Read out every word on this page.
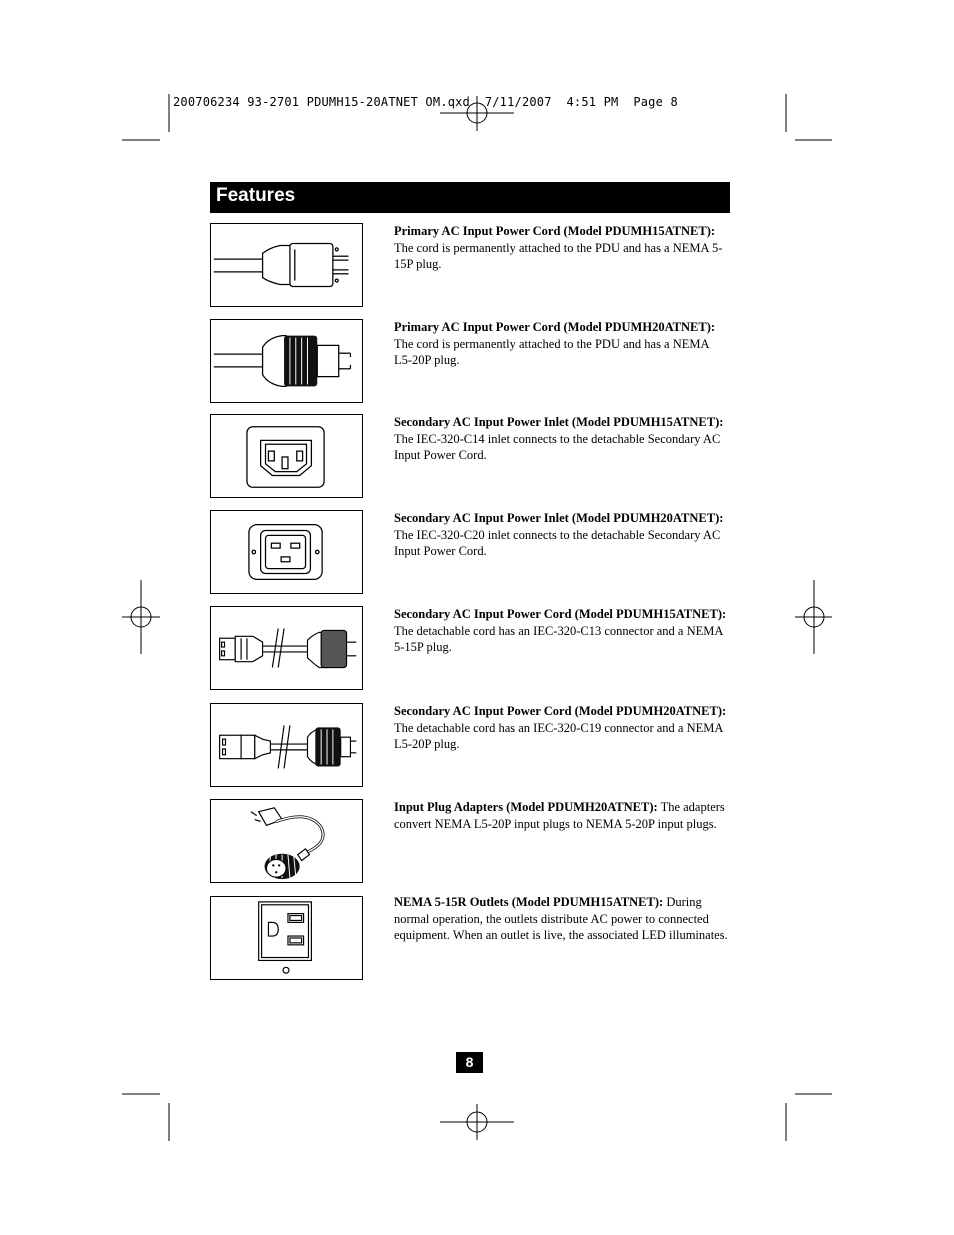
200706234 93-2701 PDUMH15-20ATNET OM.qxd  7/11/2007  4:51 PM  Page 8
Features
Primary AC Input Power Cord (Model PDUMH15ATNET):
The cord is permanently attached to the PDU and has a NEMA 5-15P plug.
Primary AC Input Power Cord (Model PDUMH20ATNET):
The cord is permanently attached to the PDU and has a NEMA L5-20P plug.
Secondary AC Input Power Inlet (Model PDUMH15ATNET):
The IEC-320-C14 inlet connects to the detachable Secondary AC Input Power Cord.
Secondary AC Input Power Inlet (Model PDUMH20ATNET):
The IEC-320-C20 inlet connects to the detachable Secondary AC Input Power Cord.
Secondary AC Input Power Cord (Model PDUMH15ATNET):
The detachable cord has an IEC-320-C13 connector and a NEMA 5-15P plug.
Secondary AC Input Power Cord (Model PDUMH20ATNET):
The detachable cord has an IEC-320-C19 connector and a NEMA L5-20P plug.
Input Plug Adapters (Model PDUMH20ATNET): The adapters convert NEMA L5-20P input plugs to NEMA 5-20P input plugs.
NEMA 5-15R Outlets (Model PDUMH15ATNET): During normal operation, the outlets distribute AC power to connected equipment. When an outlet is live, the associated LED illuminates.
8
